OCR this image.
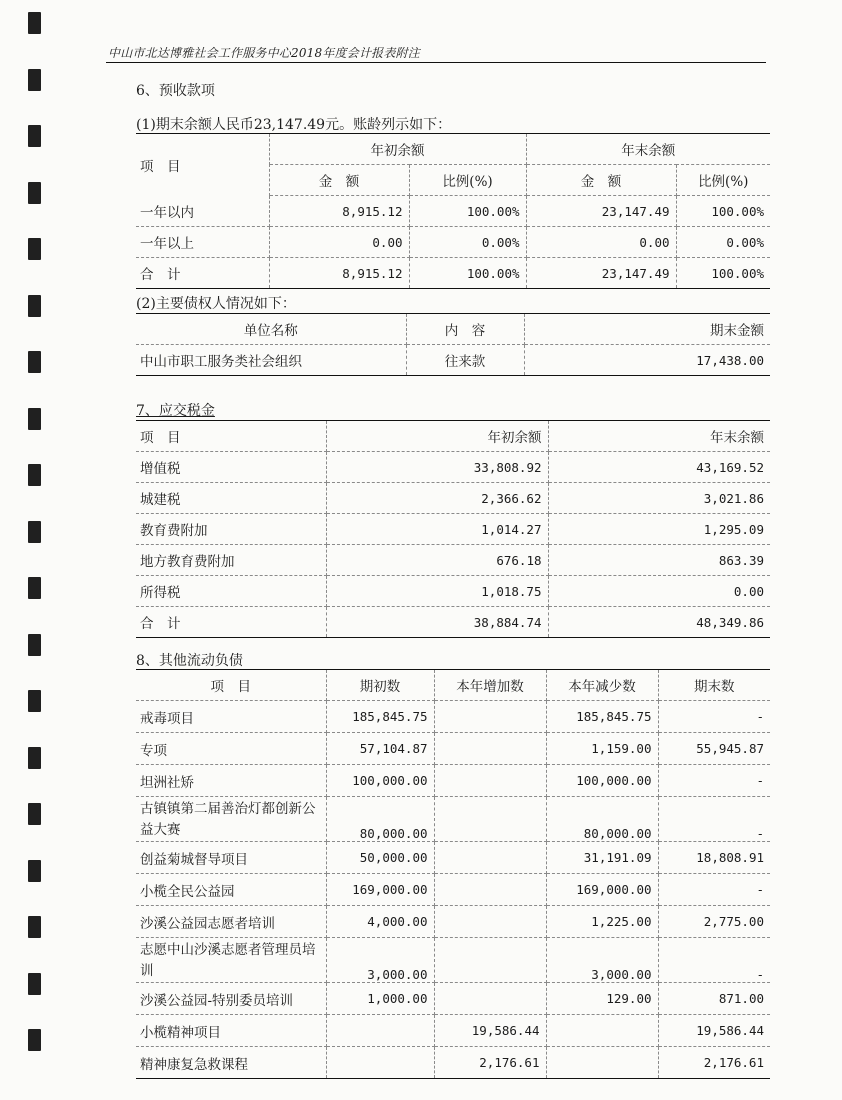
中山市北达博雅社会工作服务中心2018年度会计报表附注
6、预收款项
(1)期末余额人民币23,147.49元。账龄列示如下：
项　目	年初余额		年末余额	
	金　额	比例(%)	金　额	比例(%)
一年以内	8,915.12	100.00%	23,147.49	100.00%
一年以上	0.00	0.00%	0.00	0.00%
合　计	8,915.12	100.00%	23,147.49	100.00%
(2)主要债权人情况如下：
单位名称	内　容	期末金额
中山市职工服务类社会组织	往来款	17,438.00
7、应交税金
项　目	年初余额	年末余额
增值税	33,808.92	43,169.52
城建税	2,366.62	3,021.86
教育费附加	1,014.27	1,295.09
地方教育费附加	676.18	863.39
所得税	1,018.75	0.00
合　计	38,884.74	48,349.86
8、其他流动负债
项　目	期初数	本年增加数	本年减少数	期末数
戒毒项目	185,845.75		185,845.75	-
专项	57,104.87		1,159.00	55,945.87
坦洲社矫	100,000.00		100,000.00	-
古镇镇第二届善治灯都创新公益大赛	80,000.00		80,000.00	-
创益菊城督导项目	50,000.00		31,191.09	18,808.91
小榄全民公益园	169,000.00		169,000.00	-
沙溪公益园志愿者培训	4,000.00		1,225.00	2,775.00
志愿中山沙溪志愿者管理员培训	3,000.00		3,000.00	-
沙溪公益园-特别委员培训	1,000.00		129.00	871.00
小榄精神项目		19,586.44		19,586.44
精神康复急救课程		2,176.61		2,176.61
